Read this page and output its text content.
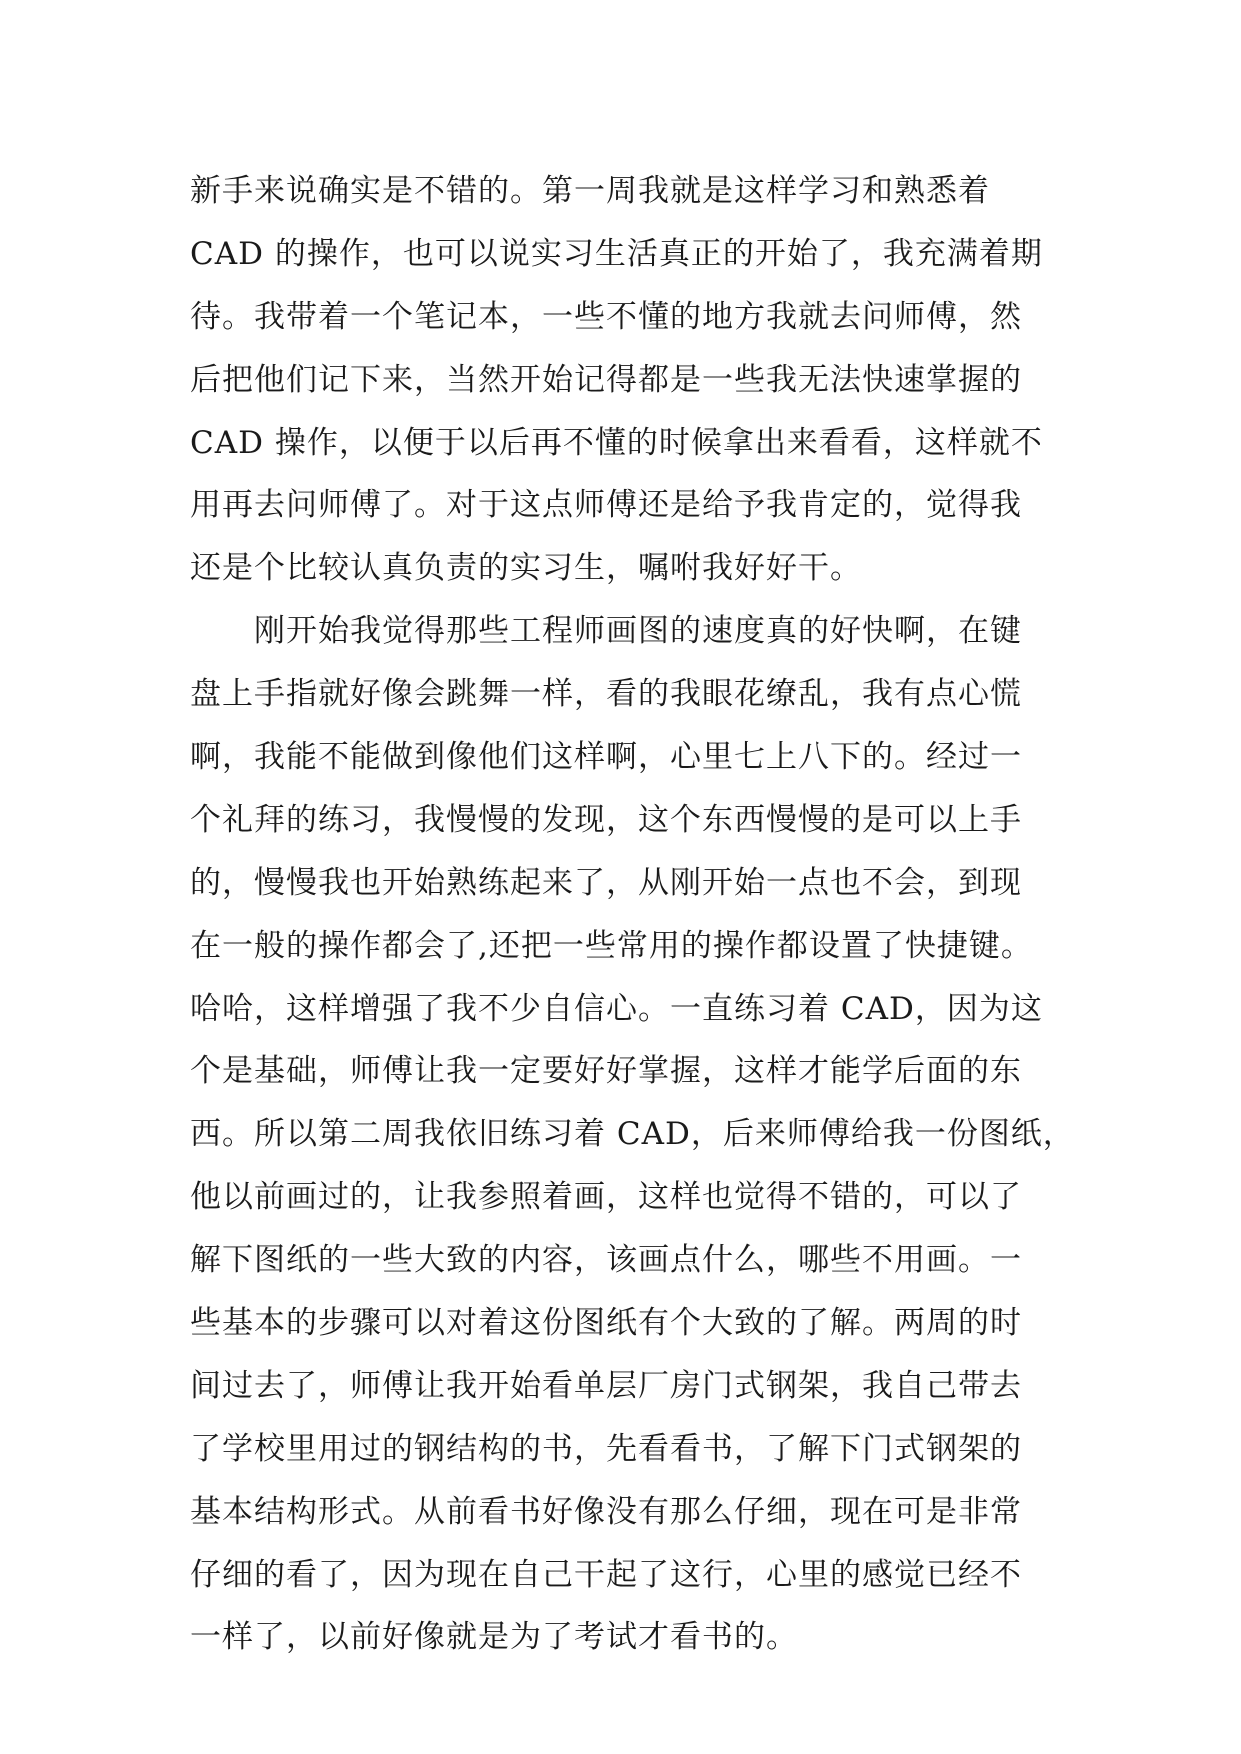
新手来说确实是不错的。第一周我就是这样学习和熟悉着
CAD 的操作，也可以说实习生活真正的开始了，我充满着期
待。我带着一个笔记本，一些不懂的地方我就去问师傅，然
后把他们记下来，当然开始记得都是一些我无法快速掌握的
CAD 操作，以便于以后再不懂的时候拿出来看看，这样就不
用再去问师傅了。对于这点师傅还是给予我肯定的，觉得我
还是个比较认真负责的实习生，嘱咐我好好干。
　　刚开始我觉得那些工程师画图的速度真的好快啊，在键
盘上手指就好像会跳舞一样，看的我眼花缭乱，我有点心慌
啊，我能不能做到像他们这样啊，心里七上八下的。经过一
个礼拜的练习，我慢慢的发现，这个东西慢慢的是可以上手
的，慢慢我也开始熟练起来了，从刚开始一点也不会，到现
在一般的操作都会了,还把一些常用的操作都设置了快捷键。
哈哈，这样增强了我不少自信心。一直练习着 CAD，因为这
个是基础，师傅让我一定要好好掌握，这样才能学后面的东
西。所以第二周我依旧练习着 CAD，后来师傅给我一份图纸，
他以前画过的，让我参照着画，这样也觉得不错的，可以了
解下图纸的一些大致的内容，该画点什么，哪些不用画。一
些基本的步骤可以对着这份图纸有个大致的了解。两周的时
间过去了，师傅让我开始看单层厂房门式钢架，我自己带去
了学校里用过的钢结构的书，先看看书，了解下门式钢架的
基本结构形式。从前看书好像没有那么仔细，现在可是非常
仔细的看了，因为现在自己干起了这行，心里的感觉已经不
一样了，以前好像就是为了考试才看书的。
